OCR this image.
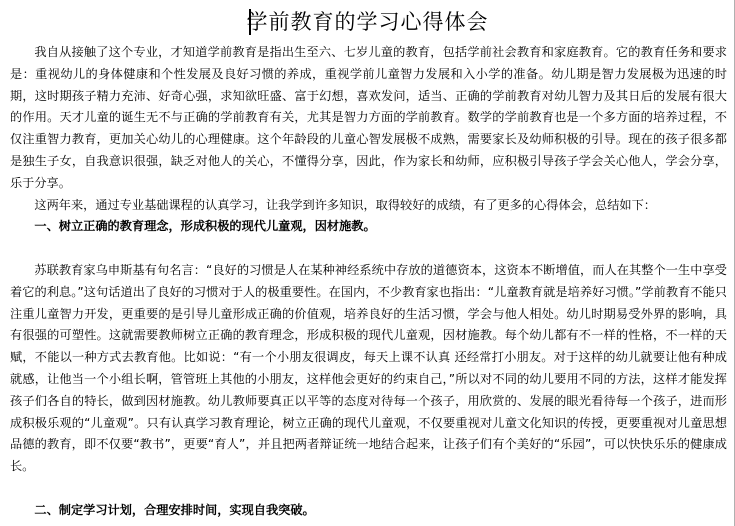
学前教育的学习心得体会

我自从接触了这个专业，才知道学前教育是指出生至六、七岁儿童的教育，包括学前社会教育和家庭教育。它的教育任务和要求是：重视幼儿的身体健康和个性发展及良好习惯的养成，重视学前儿童智力发展和入小学的准备。幼儿期是智力发展极为迅速的时期，这时期孩子精力充沛、好奇心强，求知欲旺盛、富于幻想，喜欢发问，适当、正确的学前教育对幼儿智力及其日后的发展有很大的作用。天才儿童的诞生无不与正确的学前教育有关，尤其是智力方面的学前教育。数学的学前教育也是一个多方面的培养过程，不仅注重智力教育，更加关心幼儿的心理健康。这个年龄段的儿童心智发展极不成熟，需要家长及幼师积极的引导。现在的孩子很多都是独生子女，自我意识很强，缺乏对他人的关心，不懂得分享，因此，作为家长和幼师，应积极引导孩子学会关心他人，学会分享，乐于分享。

这两年来，通过专业基础课程的认真学习，让我学到许多知识，取得较好的成绩，有了更多的心得体会，总结如下：

一、树立正确的教育理念，形成积极的现代儿童观，因材施教。

苏联教育家乌申斯基有句名言：“良好的习惯是人在某种神经系统中存放的道德资本，这资本不断增值，而人在其整个一生中享受着它的利息。”这句话道出了良好的习惯对于人的极重要性。在国内，不少教育家也指出：“儿童教育就是培养好习惯。”学前教育不能只注重儿童智力开发，更重要的是引导儿童形成正确的价值观，培养良好的生活习惯，学会与他人相处。幼儿时期易受外界的影响，具有很强的可塑性。这就需要教师树立正确的教育理念，形成积极的现代儿童观，因材施教。每个幼儿都有不一样的性格，不一样的天赋，不能以一种方式去教育他。比如说：“有一个小朋友很调皮，每天上课不认真 还经常打小朋友。对于这样的幼儿就要让他有种成就感，让他当一个小组长啊，管管班上其他的小朋友，这样他会更好的约束自己，”所以对不同的幼儿要用不同的方法，这样才能发挥孩子们各自的特长，做到因材施教。幼儿教师要真正以平等的态度对待每一个孩子，用欣赏的、发展的眼光看待每一个孩子，进而形成积极乐观的“儿童观”。只有认真学习教育理论，树立正确的现代儿童观，不仅要重视对儿童文化知识的传授，更要重视对儿童思想品德的教育，即不仅要“教书”，更要“育人”，并且把两者辩证统一地结合起来，让孩子们有个美好的“乐园”，可以快快乐乐的健康成长。

二、制定学习计划，合理安排时间，实现自我突破。
